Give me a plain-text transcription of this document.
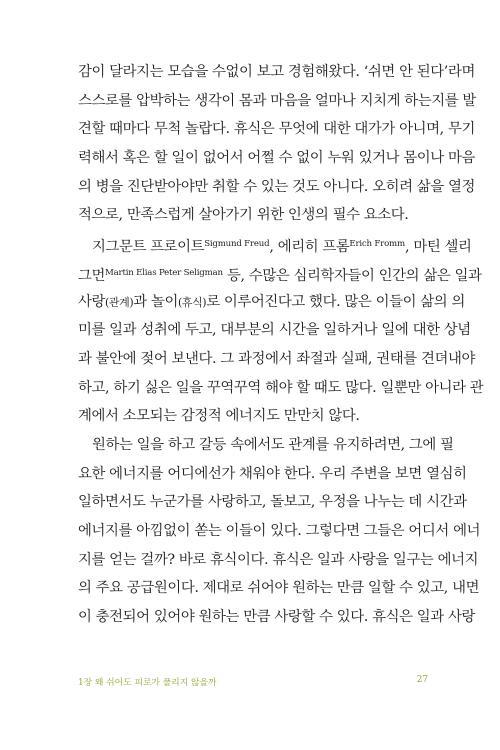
감이 달라지는 모습을 수없이 보고 경험해왔다. ‘쉬면 안 된다’라며
스스로를 압박하는 생각이 몸과 마음을 얼마나 지치게 하는지를 발
견할 때마다 무척 놀랍다. 휴식은 무엇에 대한 대가가 아니며, 무기
력해서 혹은 할 일이 없어서 어쩔 수 없이 누워 있거나 몸이나 마음
의 병을 진단받아야만 취할 수 있는 것도 아니다. 오히려 삶을 열정
적으로, 만족스럽게 살아가기 위한 인생의 필수 요소다.
지그문트 프로이트$^{Sigmund Freud}$, 에리히 프롬$^{Erich Fromm}$, 마틴 셀리
그먼$^{Martin Elias Peter Seligman}$ 등, 수많은 심리학자들이 인간의 삶은 일과
사랑(관계)과 놀이(휴식)로 이루어진다고 했다. 많은 이들이 삶의 의
미를 일과 성취에 두고, 대부분의 시간을 일하거나 일에 대한 상념
과 불안에 젖어 보낸다. 그 과정에서 좌절과 실패, 권태를 견뎌내야
하고, 하기 싫은 일을 꾸역꾸역 해야 할 때도 많다. 일뿐만 아니라 관
계에서 소모되는 감정적 에너지도 만만치 않다.
원하는 일을 하고 갈등 속에서도 관계를 유지하려면, 그에 필
요한 에너지를 어디에선가 채워야 한다. 우리 주변을 보면 열심히
일하면서도 누군가를 사랑하고, 돌보고, 우정을 나누는 데 시간과
에너지를 아낌없이 쏟는 이들이 있다. 그렇다면 그들은 어디서 에너
지를 얻는 걸까? 바로 휴식이다. 휴식은 일과 사랑을 일구는 에너지
의 주요 공급원이다. 제대로 쉬어야 원하는 만큼 일할 수 있고, 내면
이 충전되어 있어야 원하는 만큼 사랑할 수 있다. 휴식은 일과 사랑
1장 왜 쉬어도 피로가 풀리지 않을까	27
